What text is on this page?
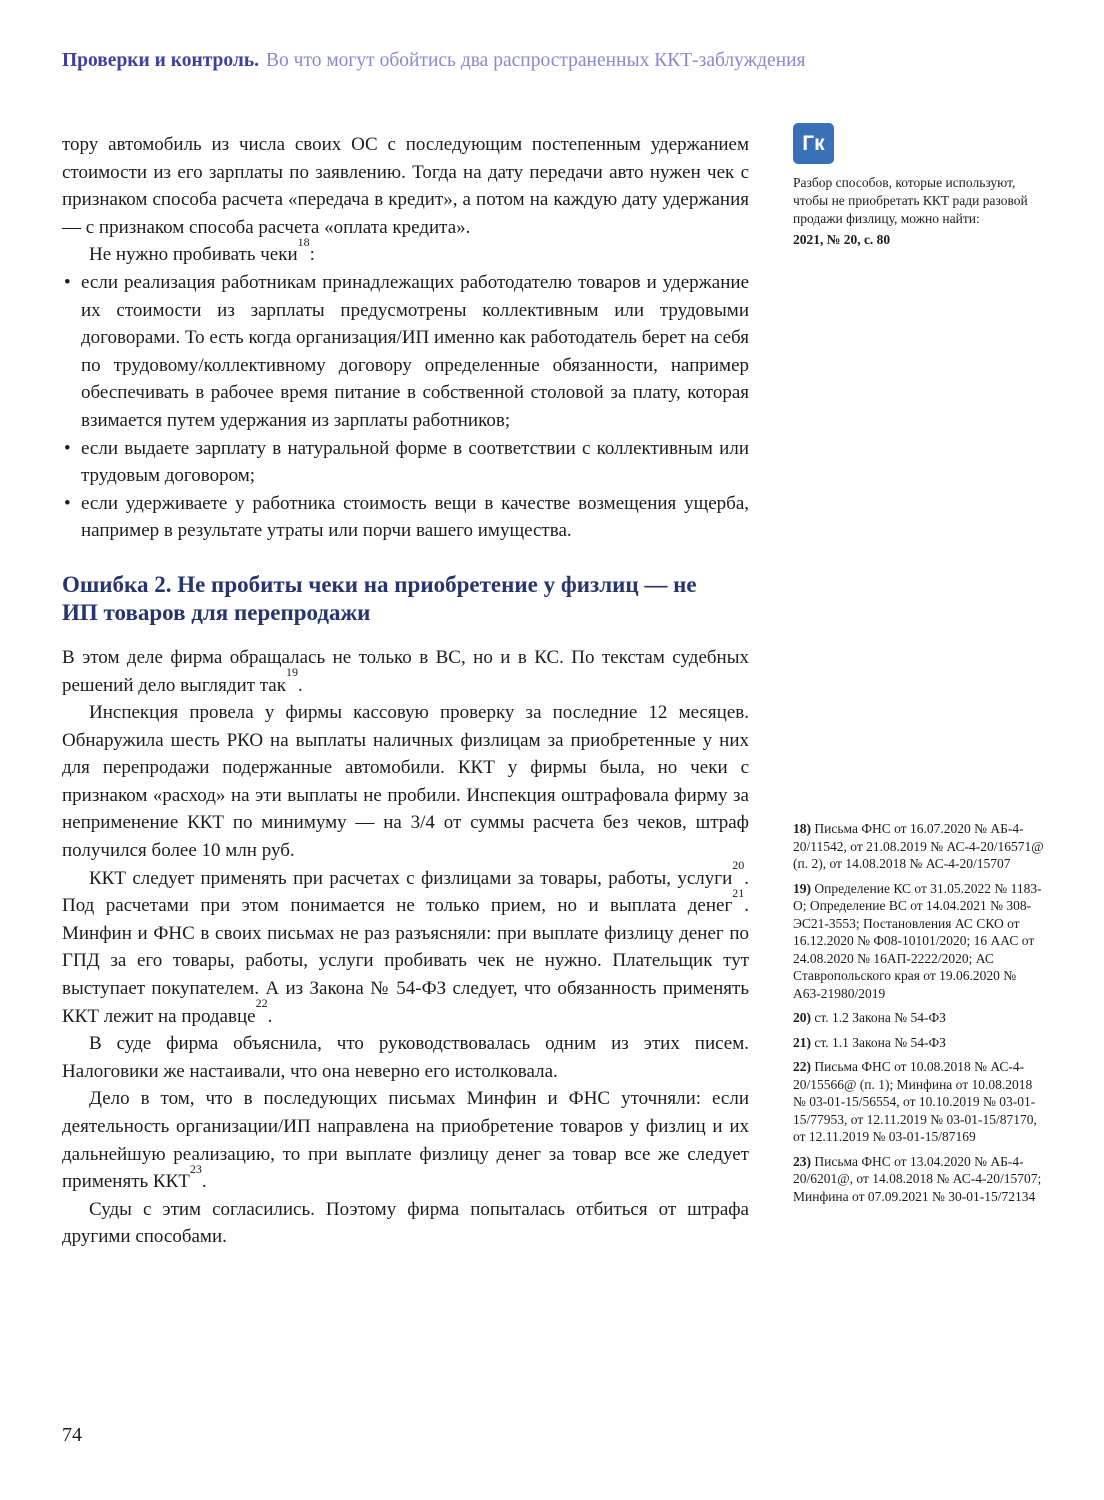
Проверки и контроль. Во что могут обойтись два распространенных ККТ-заблуждения

тору автомобиль из числа своих ОС с последующим постепенным удержанием стоимости из его зарплаты по заявлению. Тогда на дату передачи авто нужен чек с признаком способа расчета «передача в кредит», а потом на каждую дату удержания — с признаком способа расчета «оплата кредита».

Не нужно пробивать чеки$^{18}$:

• если реализация работникам принадлежащих работодателю товаров и удержание их стоимости из зарплаты предусмотрены коллективным или трудовыми договорами. То есть когда организация/ИП именно как работодатель берет на себя по трудовому/коллективному договору определенные обязанности, например обеспечивать в рабочее время питание в собственной столовой за плату, которая взимается путем удержания из зарплаты работников;
• если выдаете зарплату в натуральной форме в соответствии с коллективным или трудовым договором;
• если удерживаете у работника стоимость вещи в качестве возмещения ущерба, например в результате утраты или порчи вашего имущества.
Ошибка 2. Не пробиты чеки на приобретение у физлиц — не ИП товаров для перепродажи

В этом деле фирма обращалась не только в ВС, но и в КС. По текстам судебных решений дело выглядит так$^{19}$.

Инспекция провела у фирмы кассовую проверку за последние 12 месяцев. Обнаружила шесть РКО на выплаты наличных физлицам за приобретенные у них для перепродажи подержанные автомобили. ККТ у фирмы была, но чеки с признаком «расход» на эти выплаты не пробили. Инспекция оштрафовала фирму за неприменение ККТ по минимуму — на 3/4 от суммы расчета без чеков, штраф получился более 10 млн руб.

ККТ следует применять при расчетах с физлицами за товары, работы, услуги$^{20}$. Под расчетами при этом понимается не только прием, но и выплата денег$^{21}$. Минфин и ФНС в своих письмах не раз разъясняли: при выплате физлицу денег по ГПД за его товары, работы, услуги пробивать чек не нужно. Плательщик тут выступает покупателем. А из Закона № 54-ФЗ следует, что обязанность применять ККТ лежит на продавце$^{22}$.

В суде фирма объяснила, что руководствовалась одним из этих писем. Налоговики же настаивали, что она неверно его истолковала.

Дело в том, что в последующих письмах Минфин и ФНС уточняли: если деятельность организации/ИП направлена на приобретение товаров у физлиц и их дальнейшую реализацию, то при выплате физлицу денег за товар все же следует применять ККТ$^{23}$.

Суды с этим согласились. Поэтому фирма попыталась отбиться от штрафа другими способами.

Гк

Разбор способов, которые используют, чтобы не приобретать ККТ ради разовой продажи физлицу, можно найти:
2021, № 20, с. 80

18) Письма ФНС от 16.07.2020 № АБ-4-20/11542, от 21.08.2019 № АС-4-20/16571@ (п. 2), от 14.08.2018 № АС-4-20/15707

19) Определение КС от 31.05.2022 № 1183-О; Определение ВС от 14.04.2021 № 308-ЭС21-3553; Постановления АС СКО от 16.12.2020 № Ф08-10101/2020; 16 ААС от 24.08.2020 № 16АП-2222/2020; АС Ставропольского края от 19.06.2020 № А63-21980/2019

20) ст. 1.2 Закона № 54-ФЗ

21) ст. 1.1 Закона № 54-ФЗ

22) Письма ФНС от 10.08.2018 № АС-4-20/15566@ (п. 1); Минфина от 10.08.2018 № 03-01-15/56554, от 10.10.2019 № 03-01-15/77953, от 12.11.2019 № 03-01-15/87170, от 12.11.2019 № 03-01-15/87169

23) Письма ФНС от 13.04.2020 № АБ-4-20/6201@, от 14.08.2018 № АС-4-20/15707; Минфина от 07.09.2021 № 30-01-15/72134

74
